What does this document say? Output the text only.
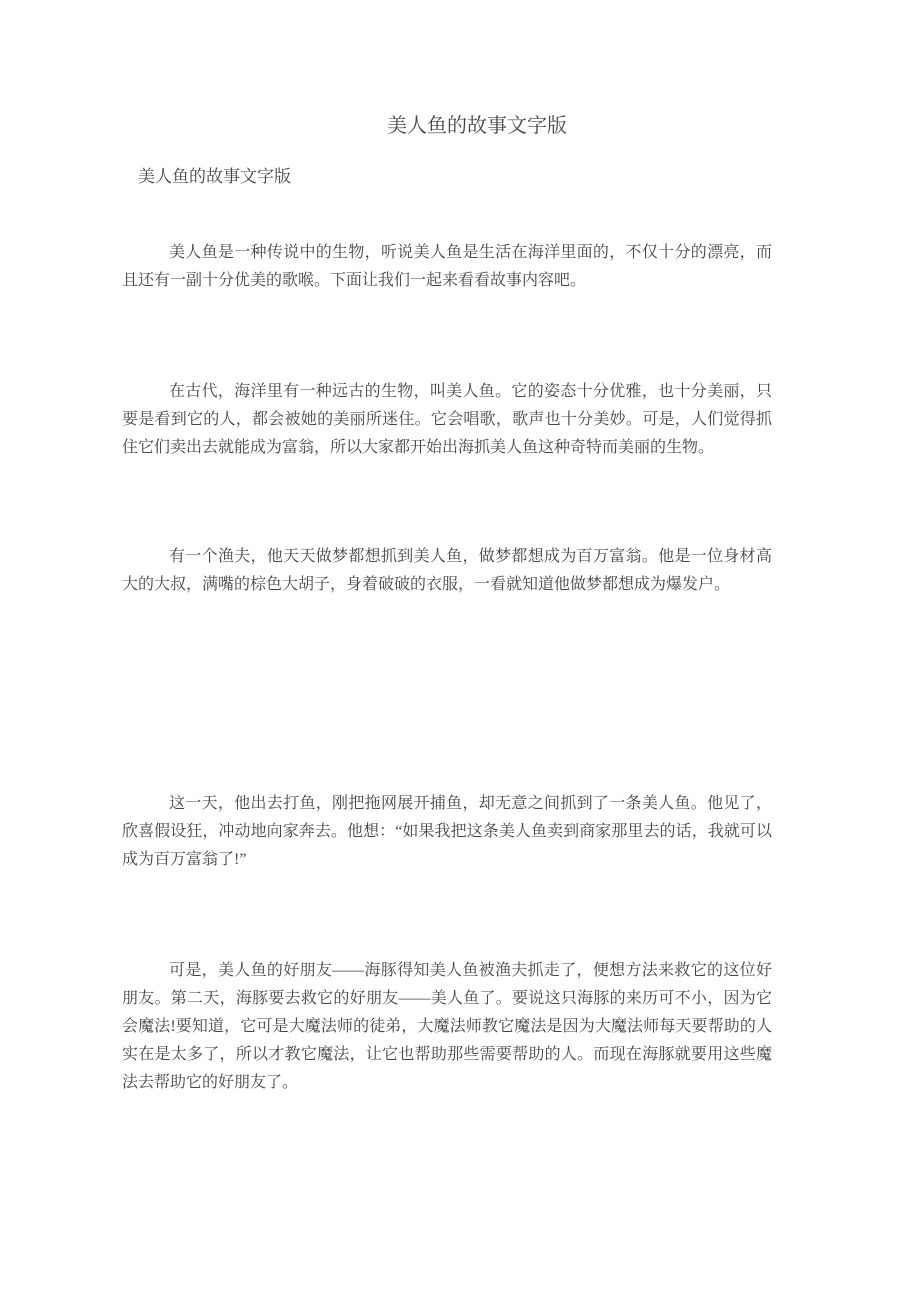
美人鱼的故事文字版

美人鱼的故事文字版

美人鱼是一种传说中的生物，听说美人鱼是生活在海洋里面的，不仅十分的漂亮，而且还有一副十分优美的歌喉。下面让我们一起来看看故事内容吧。

在古代，海洋里有一种远古的生物，叫美人鱼。它的姿态十分优雅，也十分美丽，只要是看到它的人，都会被她的美丽所迷住。它会唱歌，歌声也十分美妙。可是，人们觉得抓住它们卖出去就能成为富翁，所以大家都开始出海抓美人鱼这种奇特而美丽的生物。

有一个渔夫，他天天做梦都想抓到美人鱼，做梦都想成为百万富翁。他是一位身材高大的大叔，满嘴的棕色大胡子，身着破破的衣服，一看就知道他做梦都想成为爆发户。

这一天，他出去打鱼，刚把拖网展开捕鱼，却无意之间抓到了一条美人鱼。他见了，欣喜假设狂，冲动地向家奔去。他想：“如果我把这条美人鱼卖到商家那里去的话，我就可以成为百万富翁了!”

可是，美人鱼的好朋友——海豚得知美人鱼被渔夫抓走了，便想方法来救它的这位好朋友。第二天，海豚要去救它的好朋友——美人鱼了。要说这只海豚的来历可不小，因为它会魔法!要知道，它可是大魔法师的徒弟，大魔法师教它魔法是因为大魔法师每天要帮助的人实在是太多了，所以才教它魔法，让它也帮助那些需要帮助的人。而现在海豚就要用这些魔法去帮助它的好朋友了。
